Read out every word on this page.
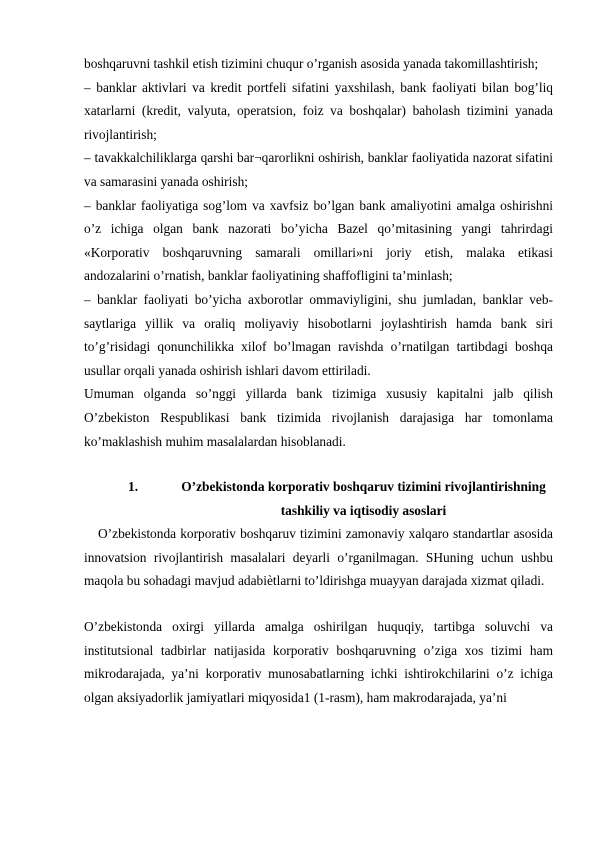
boshqaruvni tashkil etish tizimini chuqur o’rganish asosida yanada takomillashtirish;

– banklar aktivlari va kredit portfeli sifatini yaxshilash, bank faoliyati bilan bog’liq xatarlarni (kredit, valyuta, operatsion, foiz va boshqalar) baholash tizimini yanada rivojlantirish;

– tavakkalchiliklarga qarshi bar¬qarorlikni oshirish, banklar faoliyatida nazorat sifatini va samarasini yanada oshirish;

– banklar faoliyatiga sog’lom va xavfsiz bo’lgan bank amaliyotini amalga oshirishni o’z ichiga olgan bank nazorati bo’yicha Bazel qo’mitasining yangi tahrirdagi «Korporativ boshqaruvning samarali omillari»ni joriy etish, malaka etikasi andozalarini o’rnatish, banklar faoliyatining shaffofligini ta’minlash;

– banklar faoliyati bo’yicha axborotlar ommaviyligini, shu jumladan, banklar veb-saytlariga yillik va oraliq moliyaviy hisobotlarni joylashtirish hamda bank siri to’g’risidagi qonunchilikka xilof bo’lmagan ravishda o’rnatilgan tartibdagi boshqa usullar orqali yanada oshirish ishlari davom ettiriladi.

Umuman olganda so’nggi yillarda bank tizimiga xususiy kapitalni jalb qilish O’zbekiston Respublikasi bank tizimida rivojlanish darajasiga har tomonlama ko’maklashish muhim masalalardan hisoblanadi.

1.	O’zbekistonda korporativ boshqaruv tizimini rivojlantirishning tashkiliy va iqtisodiy asoslari

O’zbekistonda korporativ boshqaruv tizimini zamonaviy xalqaro standartlar asosida innovatsion rivojlantirish masalalari deyarli o’rganilmagan. SHuning uchun ushbu maqola bu sohadagi mavjud adabiѐtlarni to’ldirishga muayyan darajada xizmat qiladi.

O’zbekistonda oxirgi yillarda amalga oshirilgan huquqiy, tartibga soluvchi va institutsional tadbirlar natijasida korporativ boshqaruvning o’ziga xos tizimi ham mikrodarajada, ya’ni korporativ munosabatlarning ichki ishtirokchilarini o’z ichiga olgan aksiyadorlik jamiyatlari miqyosida1 (1-rasm), ham makrodarajada, ya’ni
